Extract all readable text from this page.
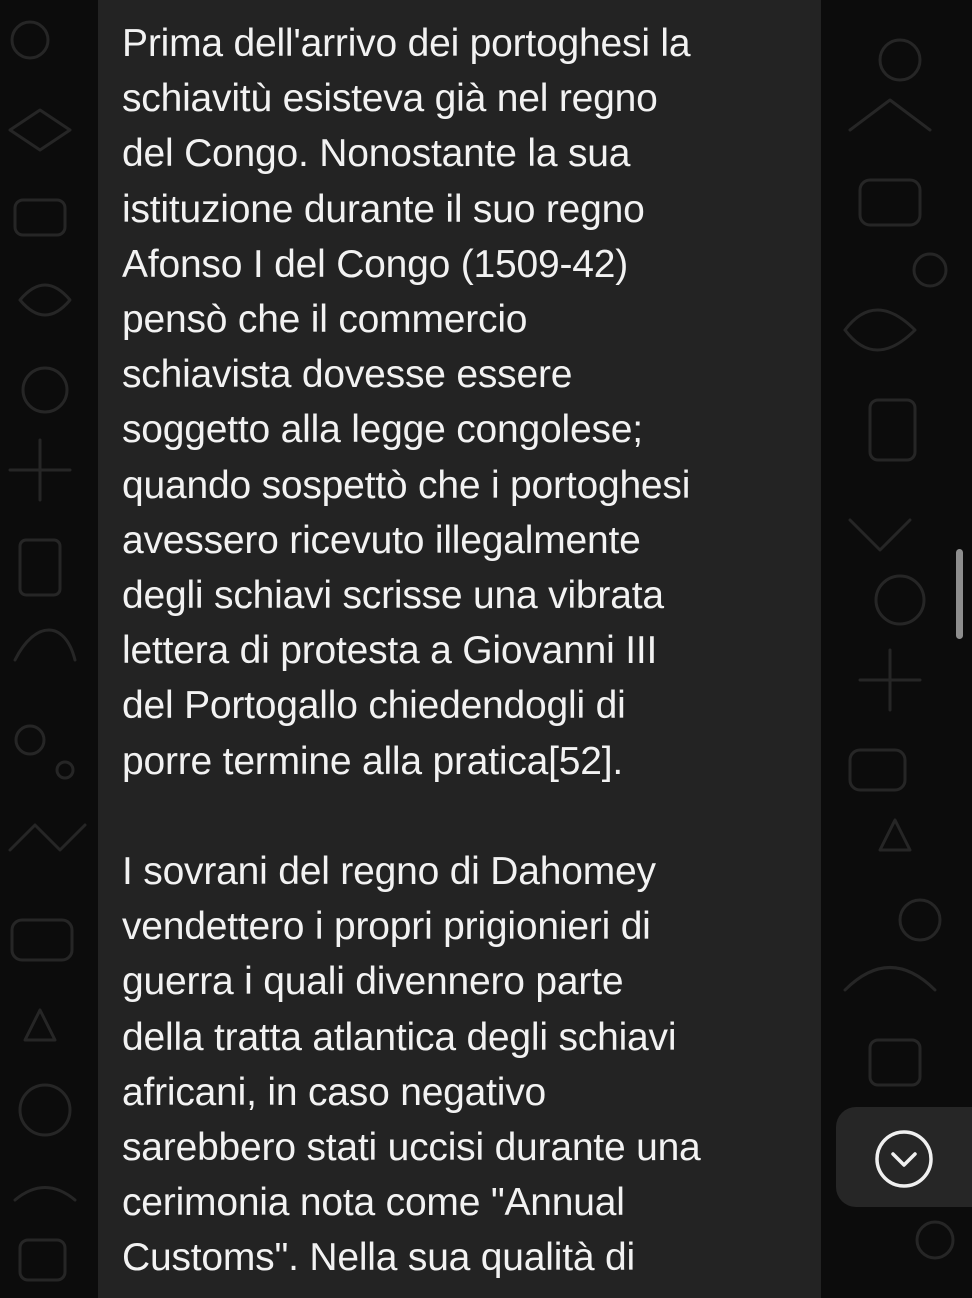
Prima dell'arrivo dei portoghesi la
schiavitù esisteva già nel regno
del Congo. Nonostante la sua
istituzione durante il suo regno
Afonso I del Congo (1509-42)
pensò che il commercio
schiavista dovesse essere
soggetto alla legge congolese;
quando sospettò che i portoghesi
avessero ricevuto illegalmente
degli schiavi scrisse una vibrata
lettera di protesta a Giovanni III
del Portogallo chiedendogli di
porre termine alla pratica[52].

I sovrani del regno di Dahomey
vendettero i propri prigionieri di
guerra i quali divennero parte
della tratta atlantica degli schiavi
africani, in caso negativo
sarebbero stati uccisi durante una
cerimonia nota come "Annual
Customs". Nella sua qualità di
